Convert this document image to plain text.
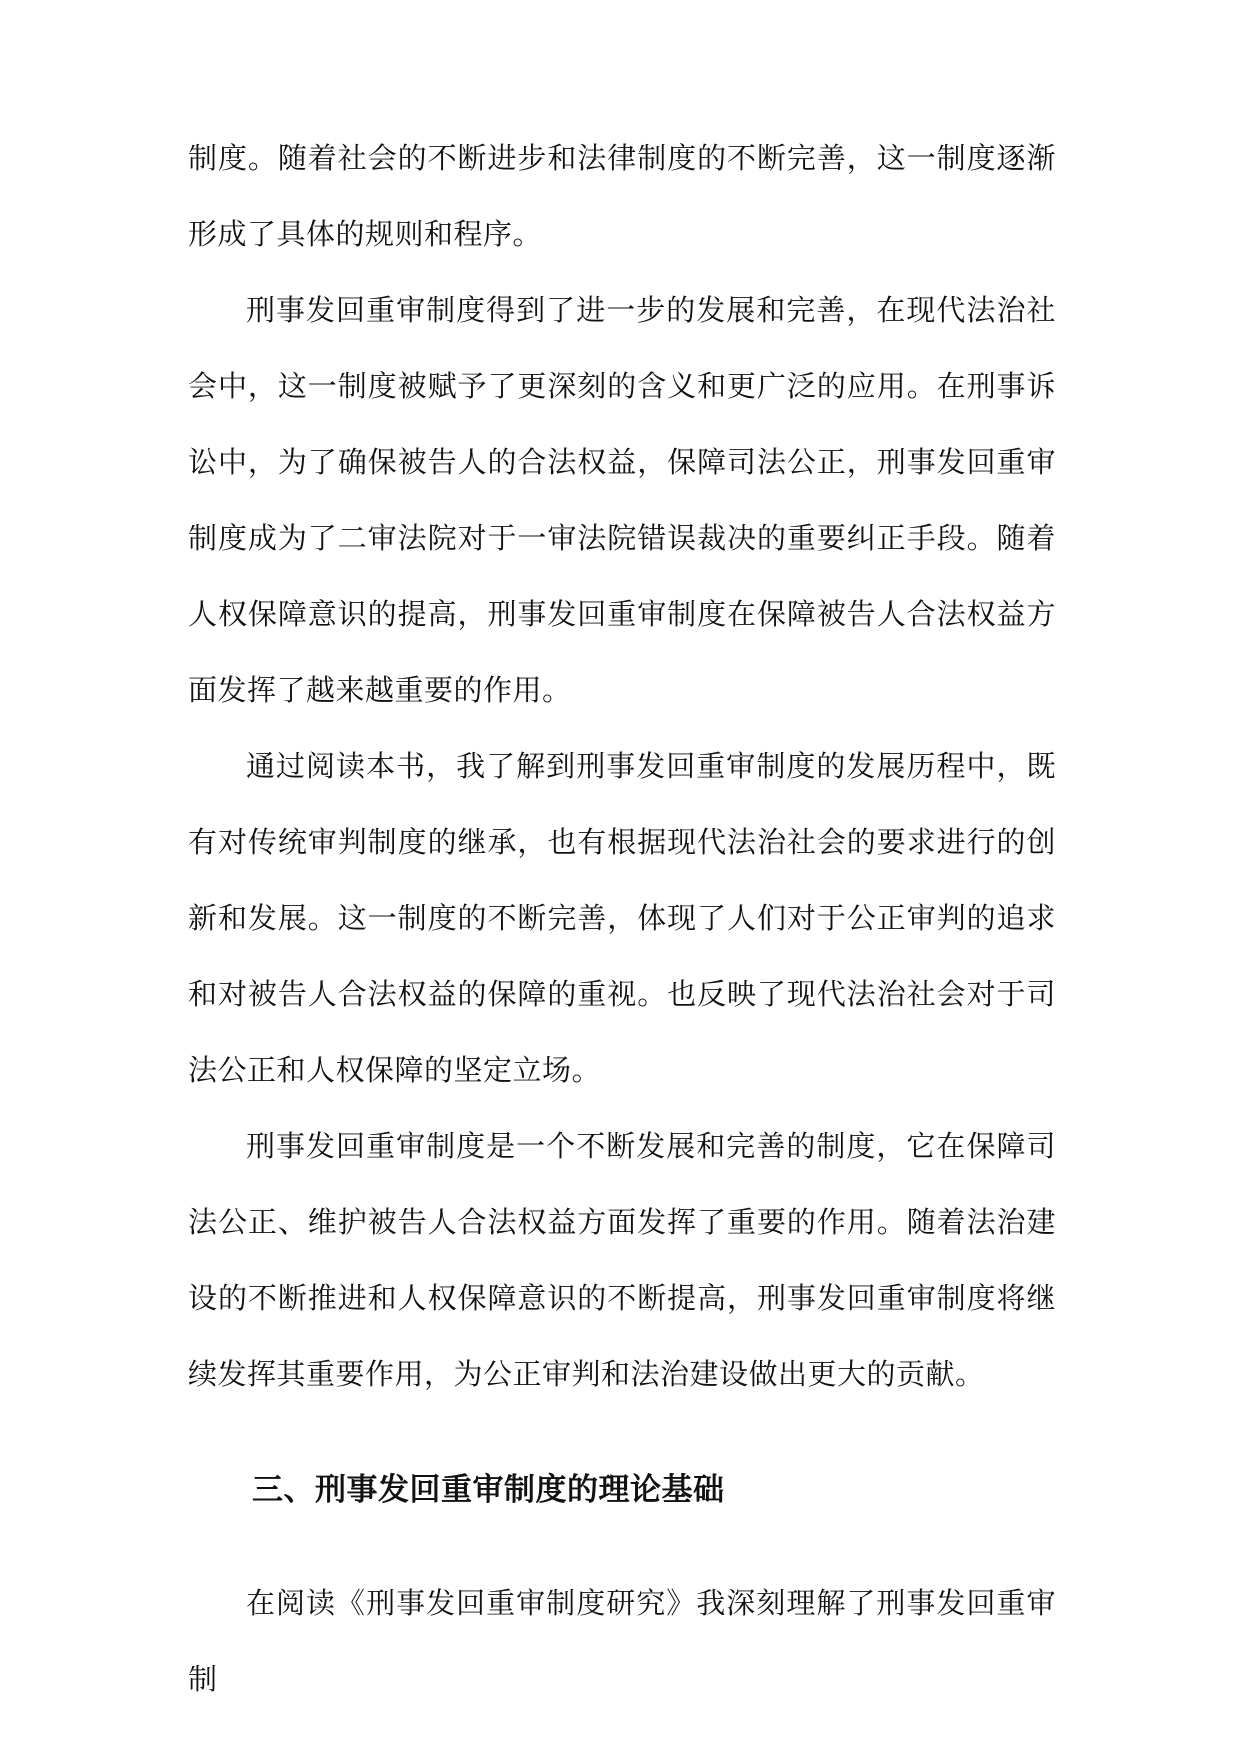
制度。随着社会的不断进步和法律制度的不断完善，这一制度逐渐形成了具体的规则和程序。

刑事发回重审制度得到了进一步的发展和完善，在现代法治社会中，这一制度被赋予了更深刻的含义和更广泛的应用。在刑事诉讼中，为了确保被告人的合法权益，保障司法公正，刑事发回重审制度成为了二审法院对于一审法院错误裁决的重要纠正手段。随着人权保障意识的提高，刑事发回重审制度在保障被告人合法权益方面发挥了越来越重要的作用。

通过阅读本书，我了解到刑事发回重审制度的发展历程中，既有对传统审判制度的继承，也有根据现代法治社会的要求进行的创新和发展。这一制度的不断完善，体现了人们对于公正审判的追求和对被告人合法权益的保障的重视。也反映了现代法治社会对于司法公正和人权保障的坚定立场。

刑事发回重审制度是一个不断发展和完善的制度，它在保障司法公正、维护被告人合法权益方面发挥了重要的作用。随着法治建设的不断推进和人权保障意识的不断提高，刑事发回重审制度将继续发挥其重要作用，为公正审判和法治建设做出更大的贡献。

三、刑事发回重审制度的理论基础

在阅读《刑事发回重审制度研究》我深刻理解了刑事发回重审制
